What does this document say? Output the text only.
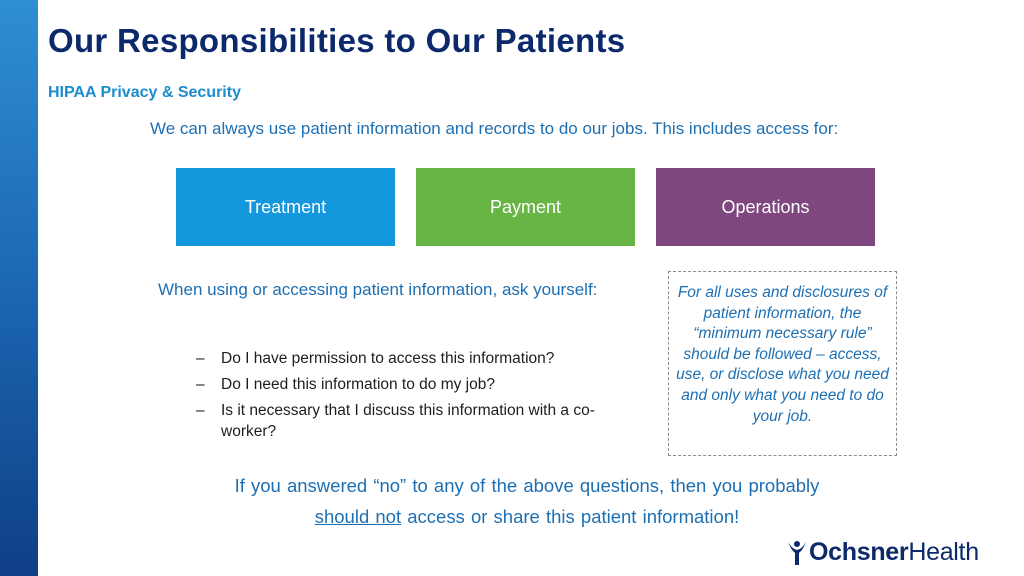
Our Responsibilities to Our Patients
HIPAA Privacy & Security
We can always use patient information and records to do our jobs. This includes access for:
Treatment	Payment	Operations
When using or accessing patient information, ask yourself:
– Do I have permission to access this information?
– Do I need this information to do my job?
– Is it necessary that I discuss this information with a co-worker?
For all uses and disclosures of patient information, the “minimum necessary rule” should be followed – access, use, or disclose what you need and only what you need to do your job.
If you answered “no” to any of the above questions, then you probably
should not access or share this patient information!
Ochsner Health
